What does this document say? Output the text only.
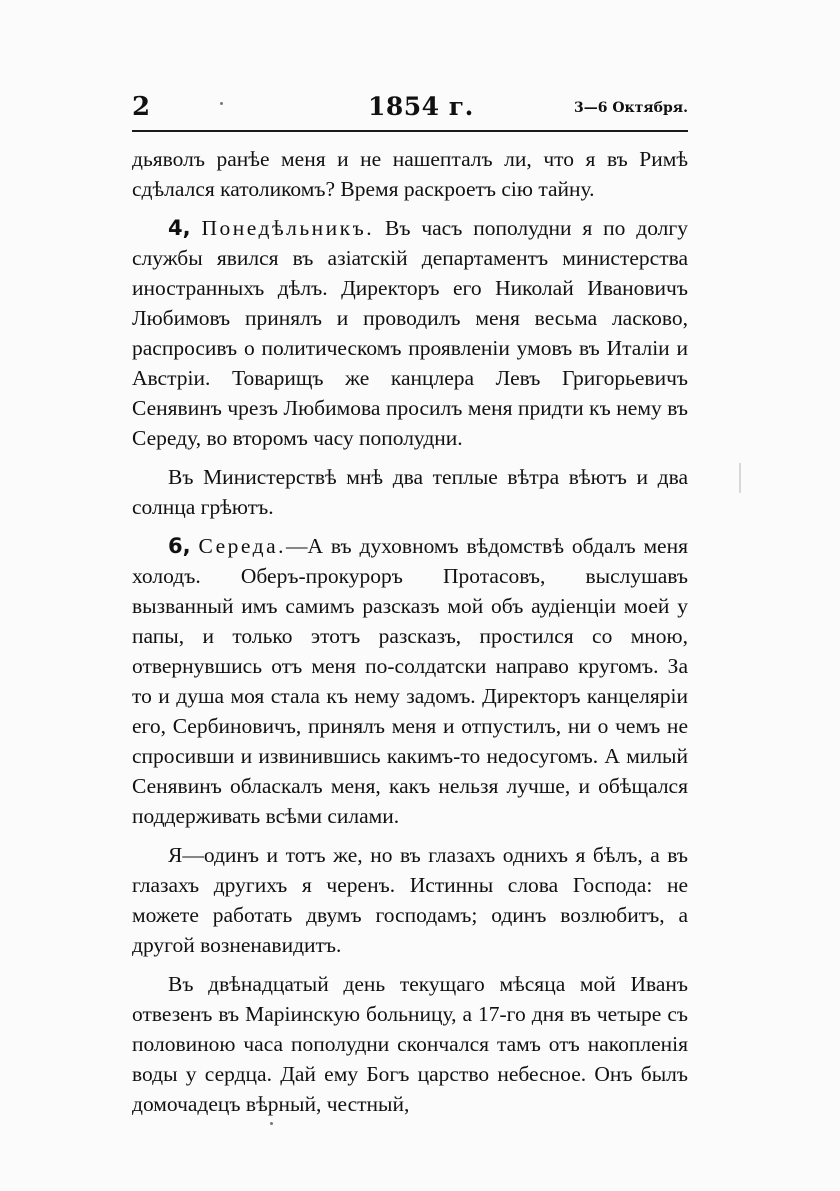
2	1854 г.	3—6 Октября.

дьяволъ ранѣе меня и не нашепталъ ли, что я въ Римѣ сдѣлался католикомъ? Время раскроетъ сію тайну.

4, Понедѣльникъ. Въ часъ пополудни я по долгу службы явился въ азіатскій департаментъ министерства иностранныхъ дѣлъ. Директоръ его Николай Ивановичъ Любимовъ принялъ и проводилъ меня весьма ласково, распросивъ о политическомъ проявленіи умовъ въ Италіи и Австріи. Товарищъ же канцлера Левъ Григорьевичъ Сенявинъ чрезъ Любимова просилъ меня придти къ нему въ Середу, во второмъ часу пополудни.

Въ Министерствѣ мнѣ два теплые вѣтра вѣютъ и два солнца грѣютъ.

6, Середа.—А въ духовномъ вѣдомствѣ обдалъ меня холодъ. Оберъ-прокуроръ Протасовъ, выслушавъ вызванный имъ самимъ разсказъ мой объ аудіенціи моей у папы, и только этотъ разсказъ, простился со мною, отвернувшись отъ меня по-солдатски направо кругомъ. За то и душа моя стала къ нему задомъ. Директоръ канцеляріи его, Сербиновичъ, принялъ меня и отпустилъ, ни о чемъ не спросивши и извинившись какимъ-то недосугомъ. А милый Сенявинъ обласкалъ меня, какъ нельзя лучше, и обѣщался поддерживать всѣми силами.

Я—одинъ и тотъ же, но въ глазахъ однихъ я бѣлъ, а въ глазахъ другихъ я черенъ. Истинны слова Господа: не можете работать двумъ господамъ; одинъ возлюбитъ, а другой возненавидитъ.

Въ двѣнадцатый день текущаго мѣсяца мой Иванъ отвезенъ въ Маріинскую больницу, а 17-го дня въ четыре съ половиною часа пополудни скончался тамъ отъ накопленія воды у сердца. Дай ему Богъ царство небесное. Онъ былъ домочадецъ вѣрный, честный,
